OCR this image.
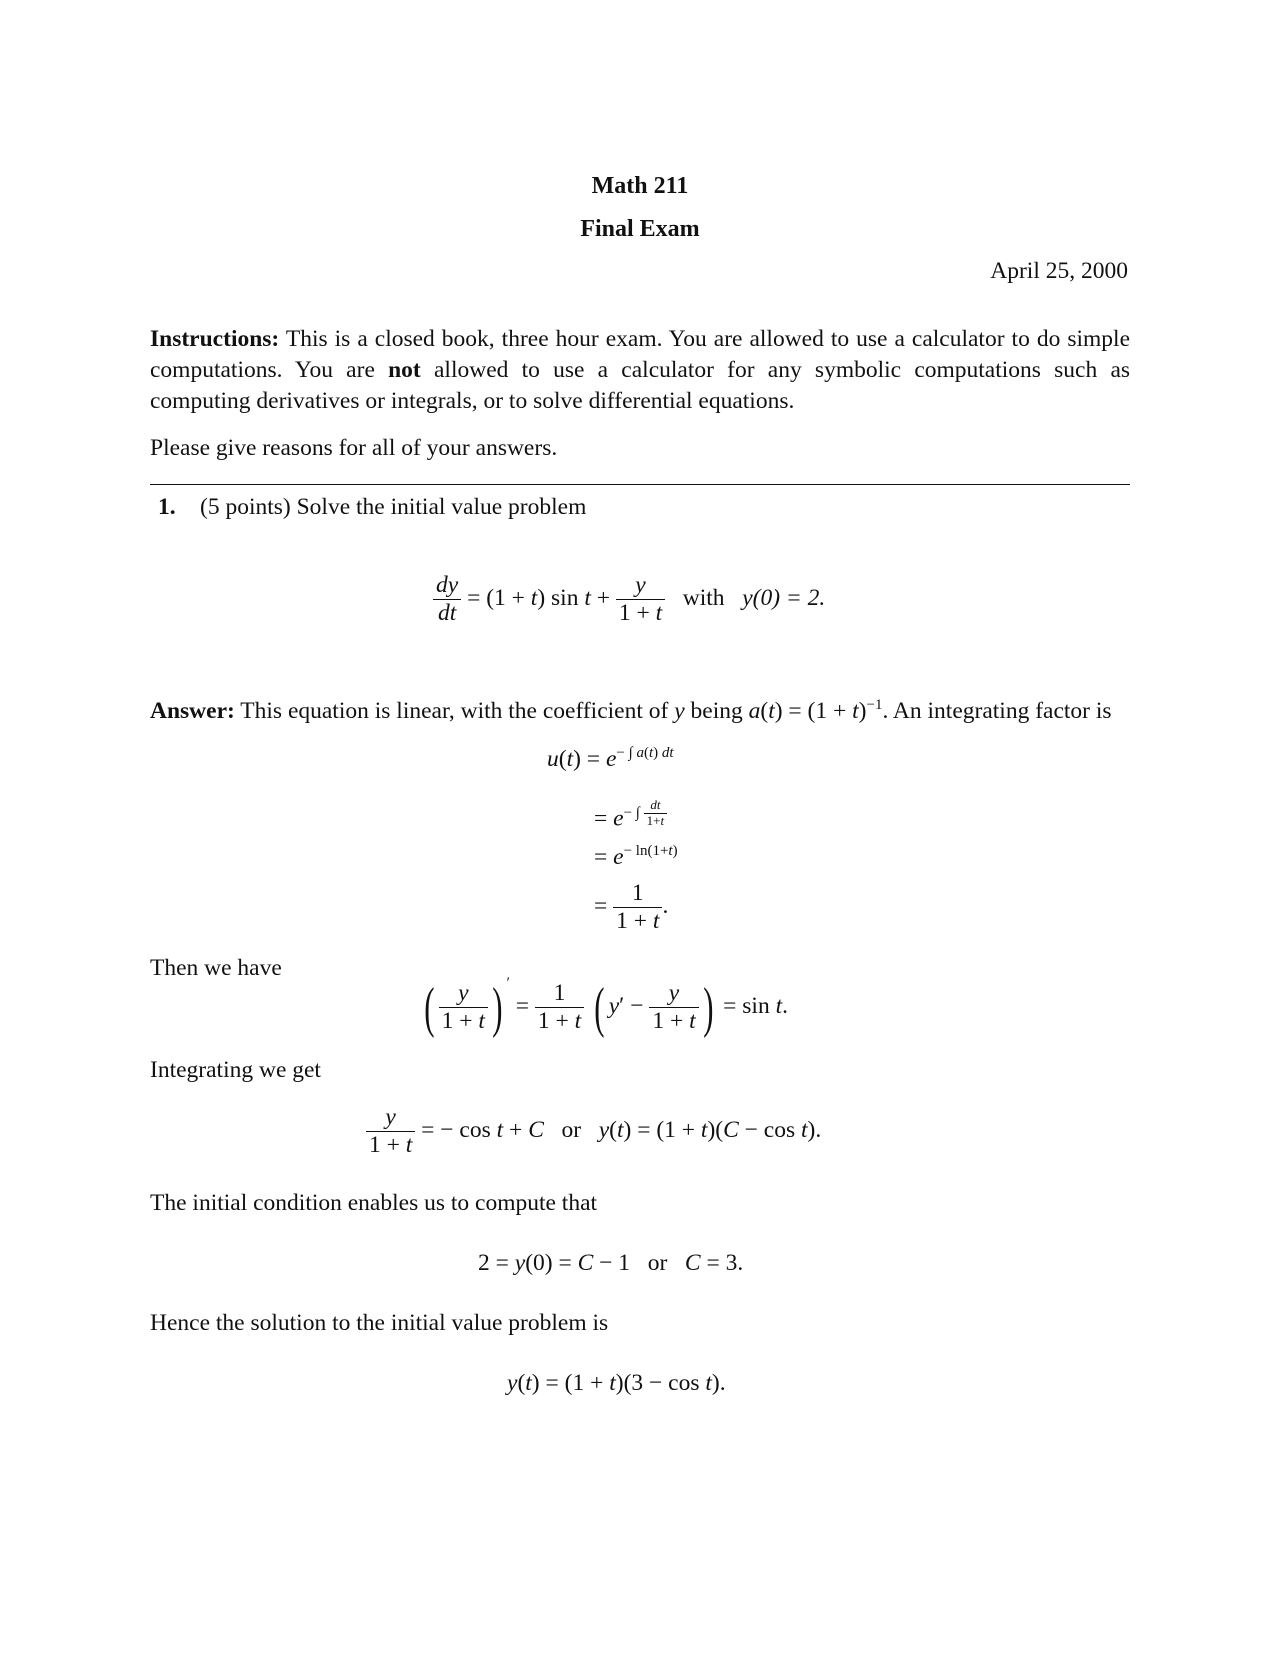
Math 211
Final Exam
April 25, 2000
Instructions: This is a closed book, three hour exam. You are allowed to use a calculator to do simple computations. You are not allowed to use a calculator for any symbolic computations such as computing derivatives or integrals, or to solve differential equations.
Please give reasons for all of your answers.
1. (5 points) Solve the initial value problem
$\frac{dy}{dt} = (1 + t)$ $\sin t + \frac{y}{1 + t}$ with y(0) = 2.
Answer: This equation is linear, with the coefficient of y being $a(t) = (1 + t)^{-1}$. An integrating factor is
$u(t) = e^{- \int a(t) dt}$
= $e^{- \int \frac{dt}{1+t}}$
= $e^{- ln(1+t)}$
= $\frac{1}{1 + t}$ .
Then we have
( $\frac{y}{1 + t}$ ) $' = \frac{1}{1 + t}$ ( $y' - \frac{y}{1 + t}$ ) = sin t.
Integrating we get
$\frac{y}{1 + t}$ = − cos t + C or y(t) = (1 + t)(C − cos t).
The initial condition enables us to compute that
2 = y(0) = C − 1   or C = 3.
Hence the solution to the initial value problem is
y(t) = (1 + t)(3 − cos t).
